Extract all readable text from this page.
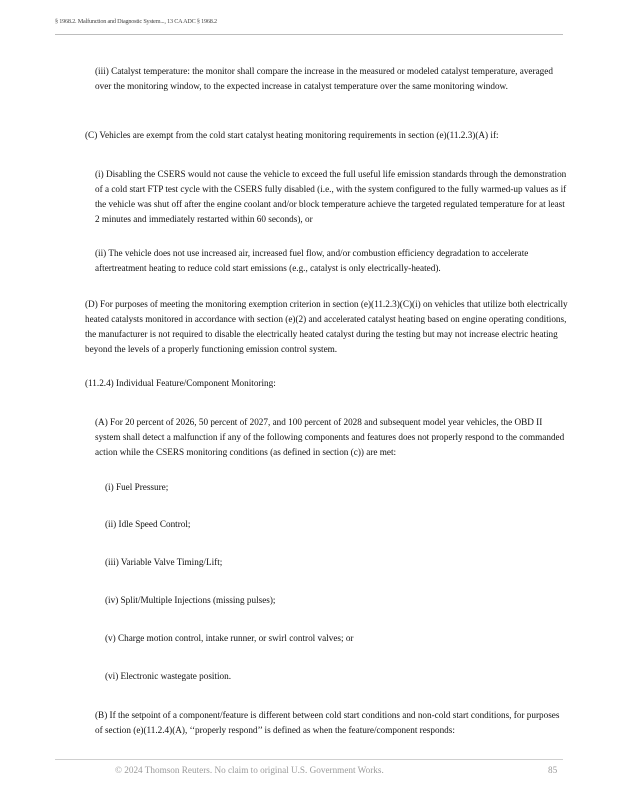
§ 1968.2. Malfunction and Diagnostic System..., 13 CA ADC § 1968.2

(iii) Catalyst temperature: the monitor shall compare the increase in the measured or modeled catalyst temperature, averaged over the monitoring window, to the expected increase in catalyst temperature over the same monitoring window.

(C) Vehicles are exempt from the cold start catalyst heating monitoring requirements in section (e)(11.2.3)(A) if:

(i) Disabling the CSERS would not cause the vehicle to exceed the full useful life emission standards through the demonstration of a cold start FTP test cycle with the CSERS fully disabled (i.e., with the system configured to the fully warmed-up values as if the vehicle was shut off after the engine coolant and/or block temperature achieve the targeted regulated temperature for at least 2 minutes and immediately restarted within 60 seconds), or

(ii) The vehicle does not use increased air, increased fuel flow, and/or combustion efficiency degradation to accelerate aftertreatment heating to reduce cold start emissions (e.g., catalyst is only electrically-heated).

(D) For purposes of meeting the monitoring exemption criterion in section (e)(11.2.3)(C)(i) on vehicles that utilize both electrically heated catalysts monitored in accordance with section (e)(2) and accelerated catalyst heating based on engine operating conditions, the manufacturer is not required to disable the electrically heated catalyst during the testing but may not increase electric heating beyond the levels of a properly functioning emission control system.

(11.2.4) Individual Feature/Component Monitoring:

(A) For 20 percent of 2026, 50 percent of 2027, and 100 percent of 2028 and subsequent model year vehicles, the OBD II system shall detect a malfunction if any of the following components and features does not properly respond to the commanded action while the CSERS monitoring conditions (as defined in section (c)) are met:

(i) Fuel Pressure;

(ii) Idle Speed Control;

(iii) Variable Valve Timing/Lift;

(iv) Split/Multiple Injections (missing pulses);

(v) Charge motion control, intake runner, or swirl control valves; or

(vi) Electronic wastegate position.

(B) If the setpoint of a component/feature is different between cold start conditions and non-cold start conditions, for purposes of section (e)(11.2.4)(A), ‘‘properly respond’’ is defined as when the feature/component responds:

© 2024 Thomson Reuters. No claim to original U.S. Government Works.	85
